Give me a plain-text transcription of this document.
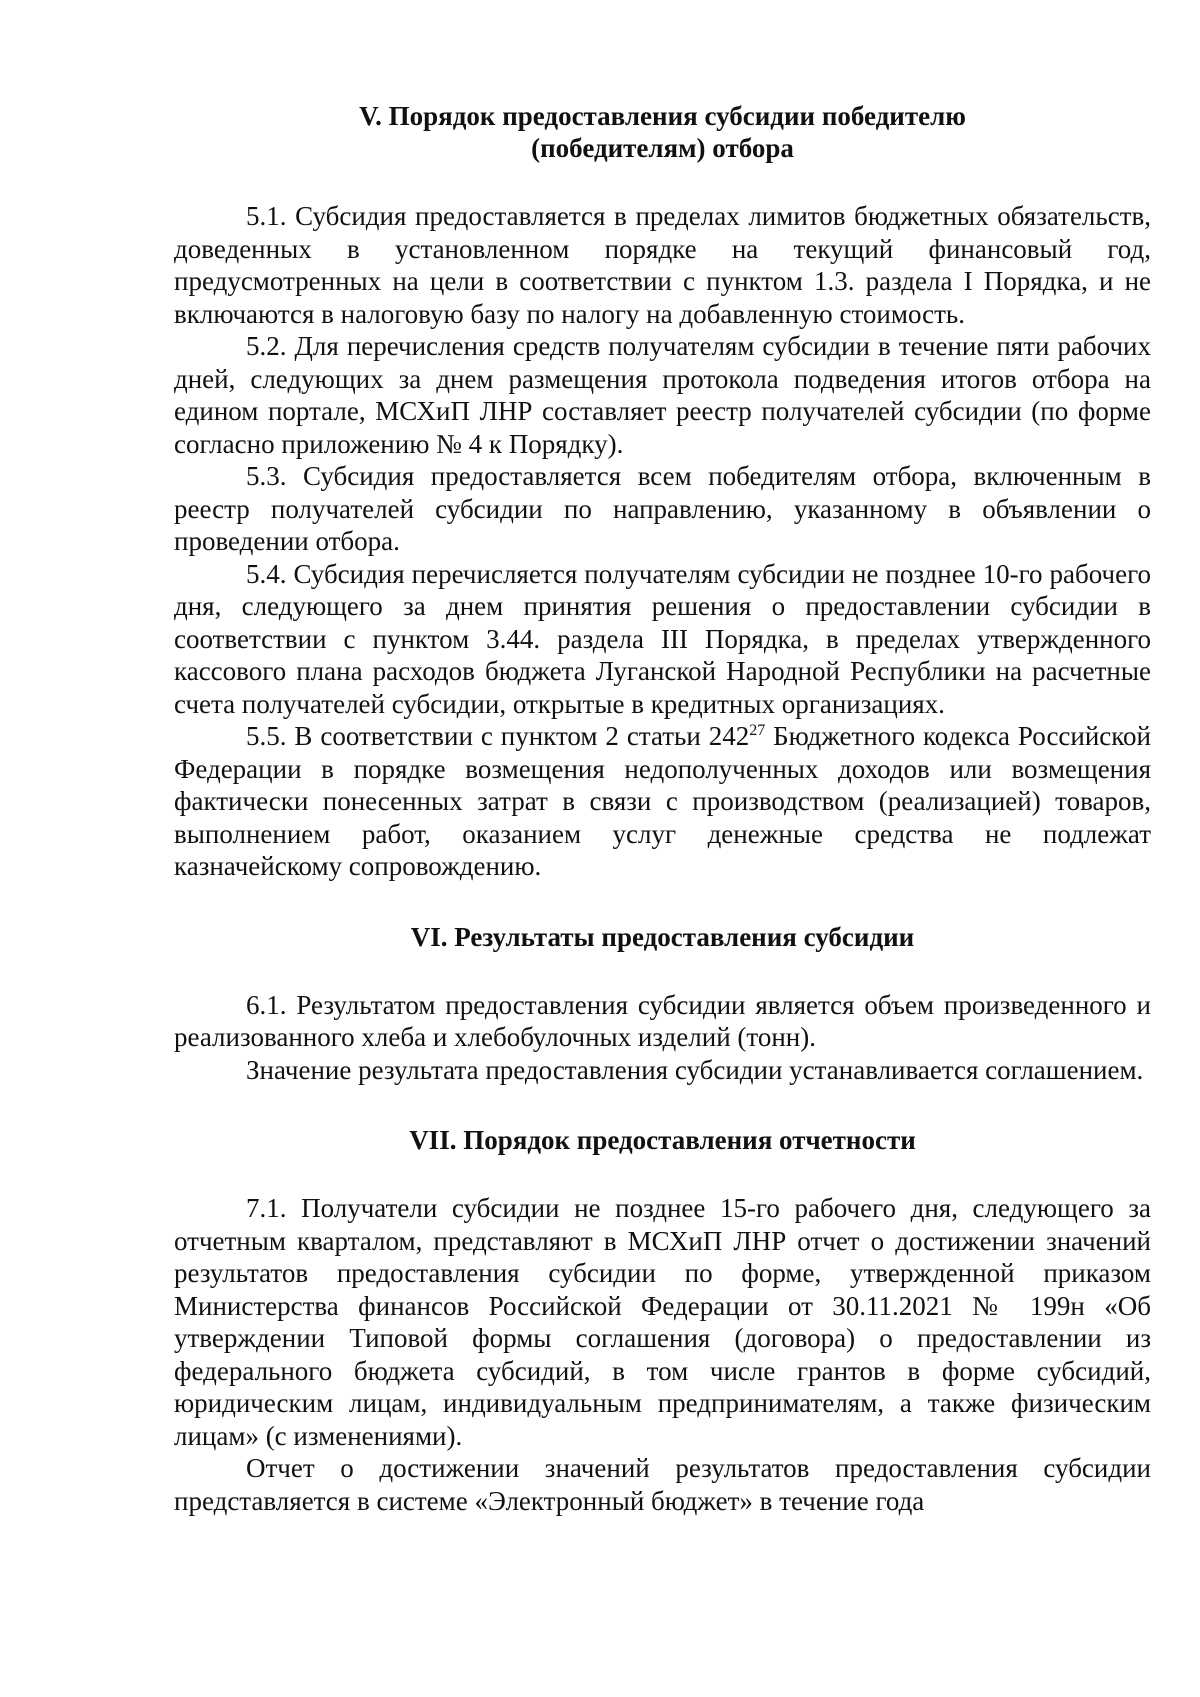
V. Порядок предоставления субсидии победителю
(победителям) отбора

5.1. Субсидия предоставляется в пределах лимитов бюджетных обязательств, доведенных в установленном порядке на текущий финансовый год, предусмотренных на цели в соответствии с пунктом 1.3. раздела I Порядка, и не включаются в налоговую базу по налогу на добавленную стоимость.

5.2. Для перечисления средств получателям субсидии в течение пяти рабочих дней, следующих за днем размещения протокола подведения итогов отбора на едином портале, МСХиП ЛНР составляет реестр получателей субсидии (по форме согласно приложению № 4 к Порядку).

5.3. Субсидия предоставляется всем победителям отбора, включенным в реестр получателей субсидии по направлению, указанному в объявлении о проведении отбора.

5.4. Субсидия перечисляется получателям субсидии не позднее 10-го рабочего дня, следующего за днем принятия решения о предоставлении субсидии в соответствии с пунктом 3.44. раздела III Порядка, в пределах утвержденного кассового плана расходов бюджета Луганской Народной Республики на расчетные счета получателей субсидии, открытые в кредитных организациях.

5.5. В соответствии с пунктом 2 статьи $242^{27}$ Бюджетного кодекса Российской Федерации в порядке возмещения недополученных доходов или возмещения фактически понесенных затрат в связи с производством (реализацией) товаров, выполнением работ, оказанием услуг денежные средства не подлежат казначейскому сопровождению.

VI. Результаты предоставления субсидии

6.1. Результатом предоставления субсидии является объем произведенного и реализованного хлеба и хлебобулочных изделий (тонн).

Значение результата предоставления субсидии устанавливается соглашением.

VII. Порядок предоставления отчетности

7.1. Получатели субсидии не позднее 15-го рабочего дня, следующего за отчетным кварталом, представляют в МСХиП ЛНР отчет о достижении значений результатов предоставления субсидии по форме, утвержденной приказом Министерства финансов Российской Федерации от 30.11.2021 № 199н «Об утверждении Типовой формы соглашения (договора) о предоставлении из федерального бюджета субсидий, в том числе грантов в форме субсидий, юридическим лицам, индивидуальным предпринимателям, а также физическим лицам» (с изменениями).

Отчет о достижении значений результатов предоставления субсидии представляется в системе «Электронный бюджет» в течение года
